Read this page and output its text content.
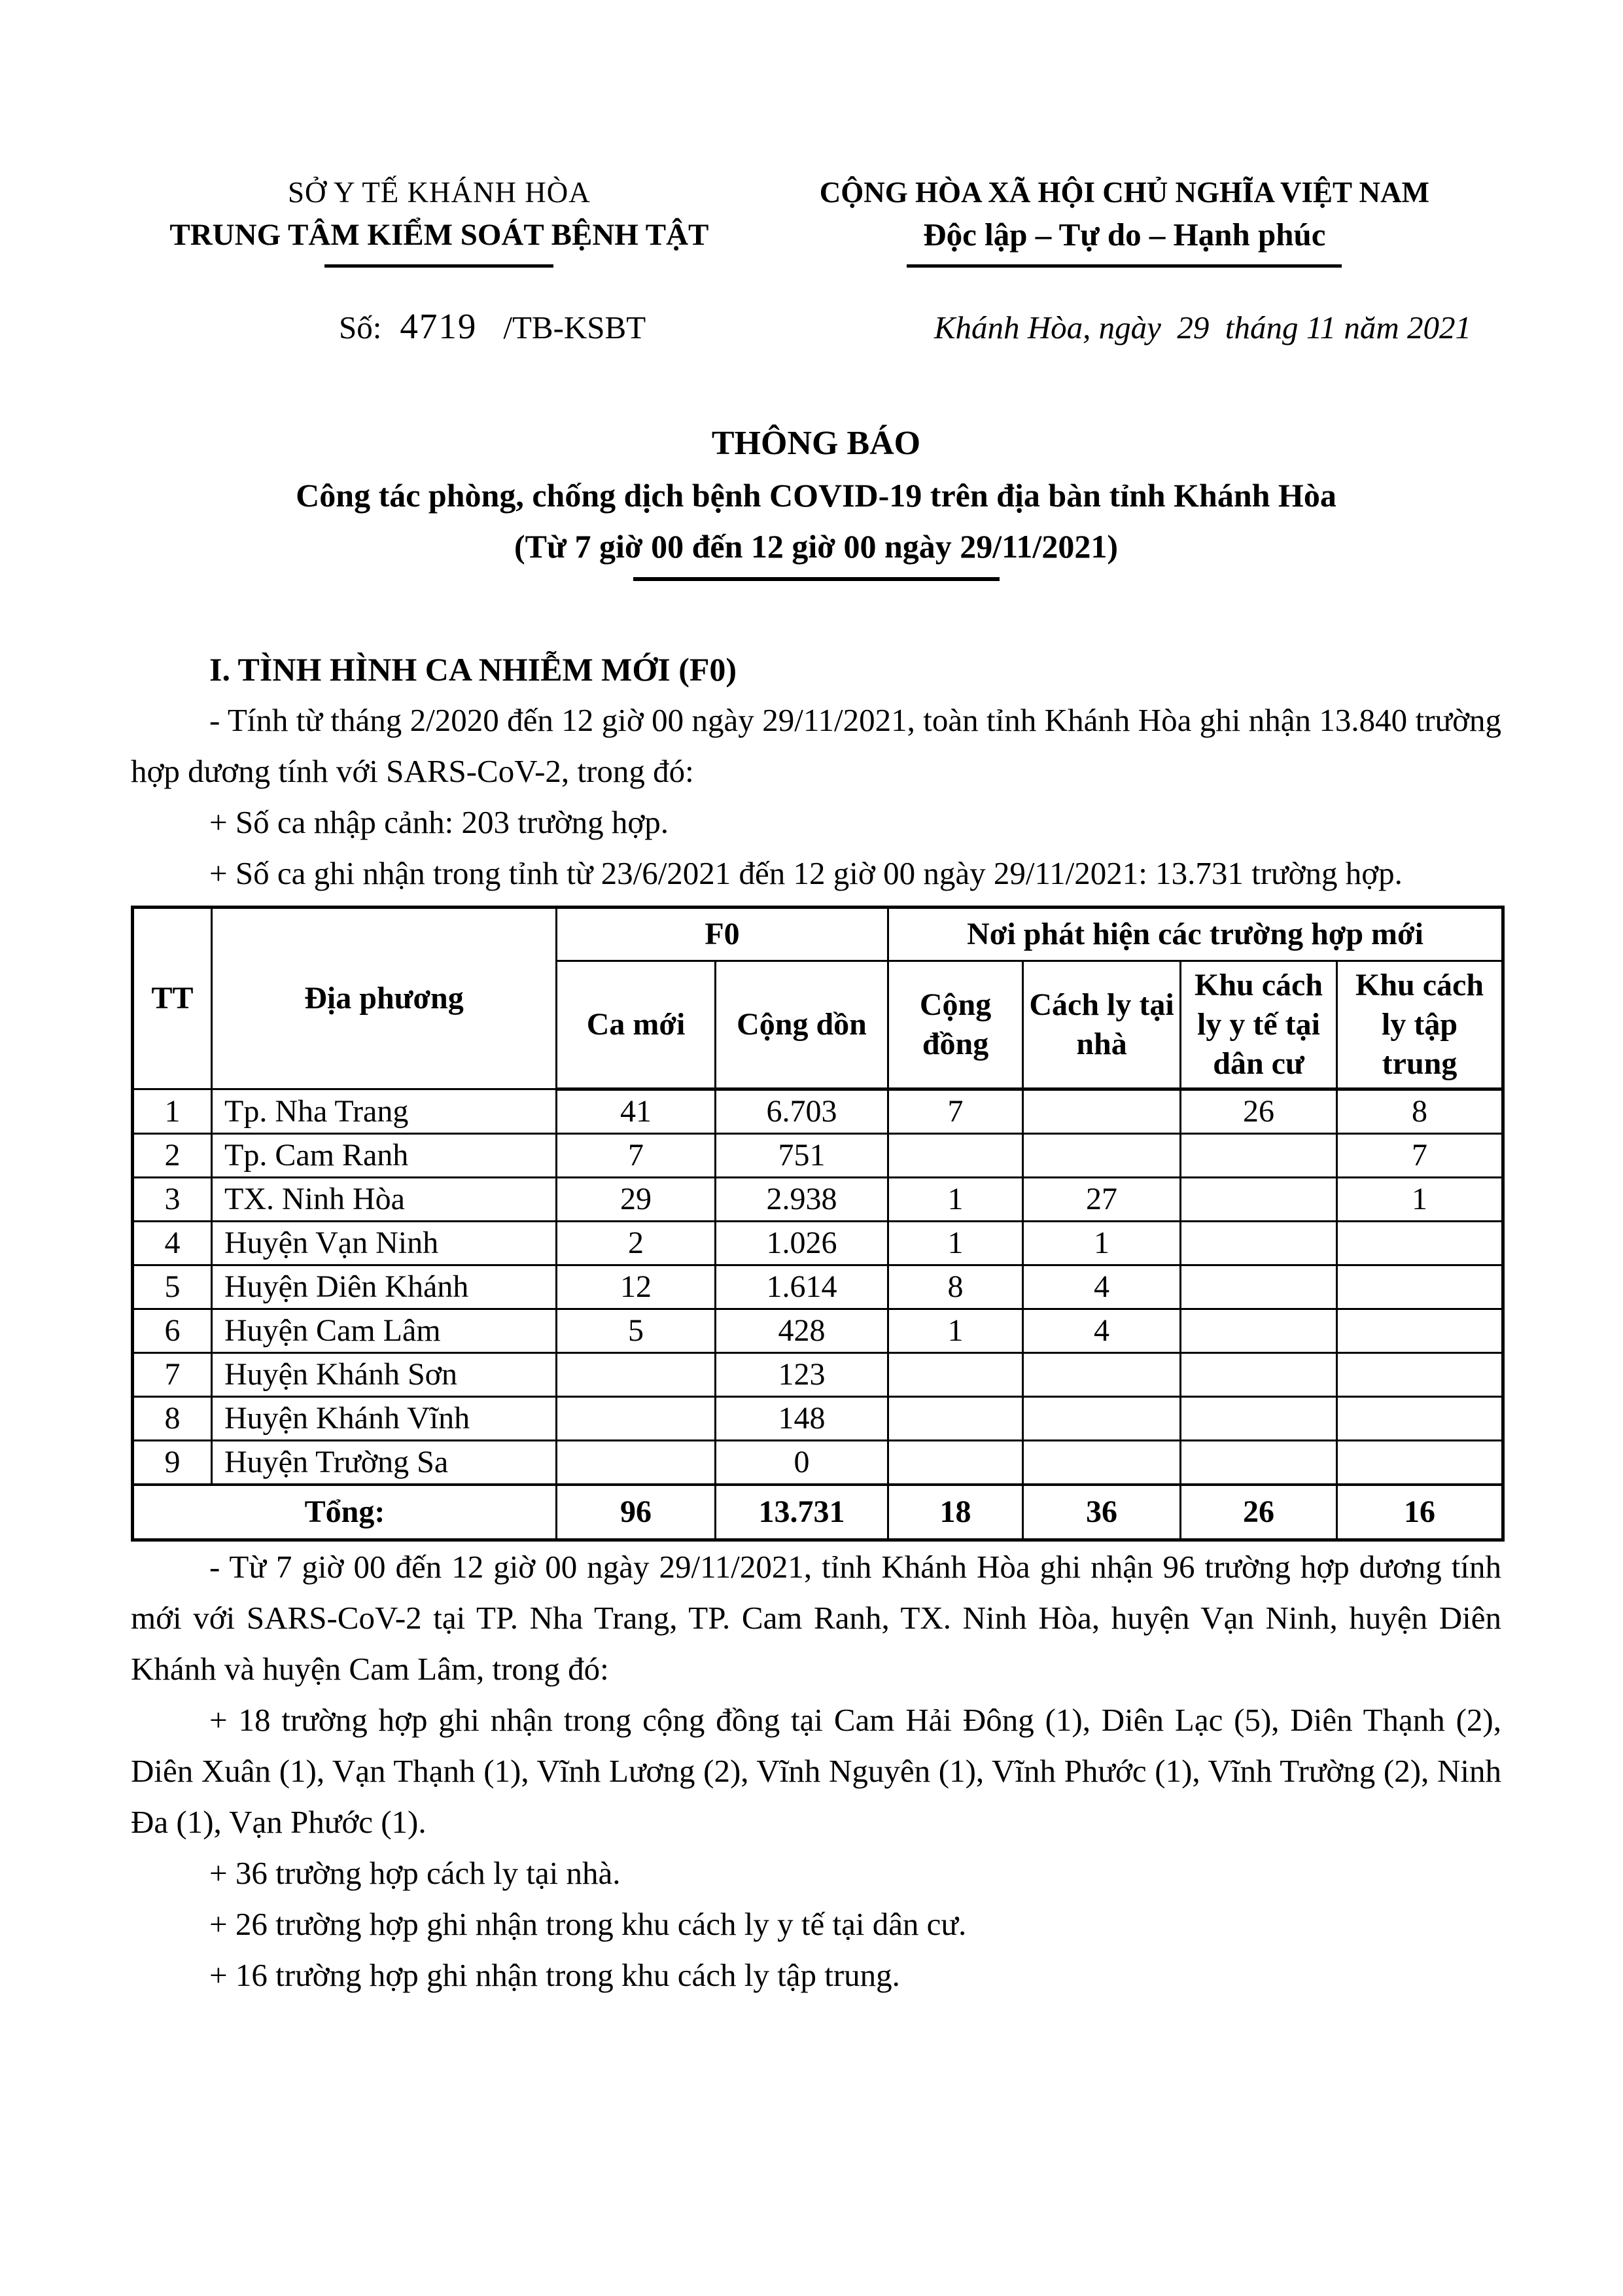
SỞ Y TẾ KHÁNH HÒA
TRUNG TÂM KIỂM SOÁT BỆNH TẬT
CỘNG HÒA XÃ HỘI CHỦ NGHĨA VIỆT NAM
Độc lập – Tự do – Hạnh phúc
Số: 4719 /TB-KSBT	Khánh Hòa, ngày  29  tháng 11 năm 2021
THÔNG BÁO
Công tác phòng, chống dịch bệnh COVID-19 trên địa bàn tỉnh Khánh Hòa
(Từ 7 giờ 00 đến 12 giờ 00 ngày 29/11/2021)
I. TÌNH HÌNH CA NHIỄM MỚI (F0)

- Tính từ tháng 2/2020 đến 12 giờ 00 ngày 29/11/2021, toàn tỉnh Khánh Hòa ghi nhận 13.840 trường hợp dương tính với SARS-CoV-2, trong đó:

+ Số ca nhập cảnh: 203 trường hợp.

+ Số ca ghi nhận trong tỉnh từ 23/6/2021 đến 12 giờ 00 ngày 29/11/2021: 13.731 trường hợp.

TT	Địa phương	F0		Nơi phát hiện các trường hợp mới			
		Ca mới	Cộng dồn	Cộng đồng	Cách ly tại nhà	Khu cách ly y tế tại dân cư	Khu cách ly tập trung
1	Tp. Nha Trang	41	6.703	7		26	8
2	Tp. Cam Ranh	7	751				7
3	TX. Ninh Hòa	29	2.938	1	27		1
4	Huyện Vạn Ninh	2	1.026	1	1		
5	Huyện Diên Khánh	12	1.614	8	4		
6	Huyện Cam Lâm	5	428	1	4		
7	Huyện Khánh Sơn		123				
8	Huyện Khánh Vĩnh		148				
9	Huyện Trường Sa		0				
Tổng:		96	13.731	18	36	26	16

- Từ 7 giờ 00 đến 12 giờ 00 ngày 29/11/2021, tỉnh Khánh Hòa ghi nhận 96 trường hợp dương tính mới với SARS-CoV-2 tại TP. Nha Trang, TP. Cam Ranh, TX. Ninh Hòa, huyện Vạn Ninh, huyện Diên Khánh và huyện Cam Lâm, trong đó:

+ 18 trường hợp ghi nhận trong cộng đồng tại Cam Hải Đông (1), Diên Lạc (5), Diên Thạnh (2), Diên Xuân (1), Vạn Thạnh (1), Vĩnh Lương (2), Vĩnh Nguyên (1), Vĩnh Phước (1), Vĩnh Trường (2), Ninh Đa (1), Vạn Phước (1).

+ 36 trường hợp cách ly tại nhà.

+ 26 trường hợp ghi nhận trong khu cách ly y tế tại dân cư.

+ 16 trường hợp ghi nhận trong khu cách ly tập trung.
